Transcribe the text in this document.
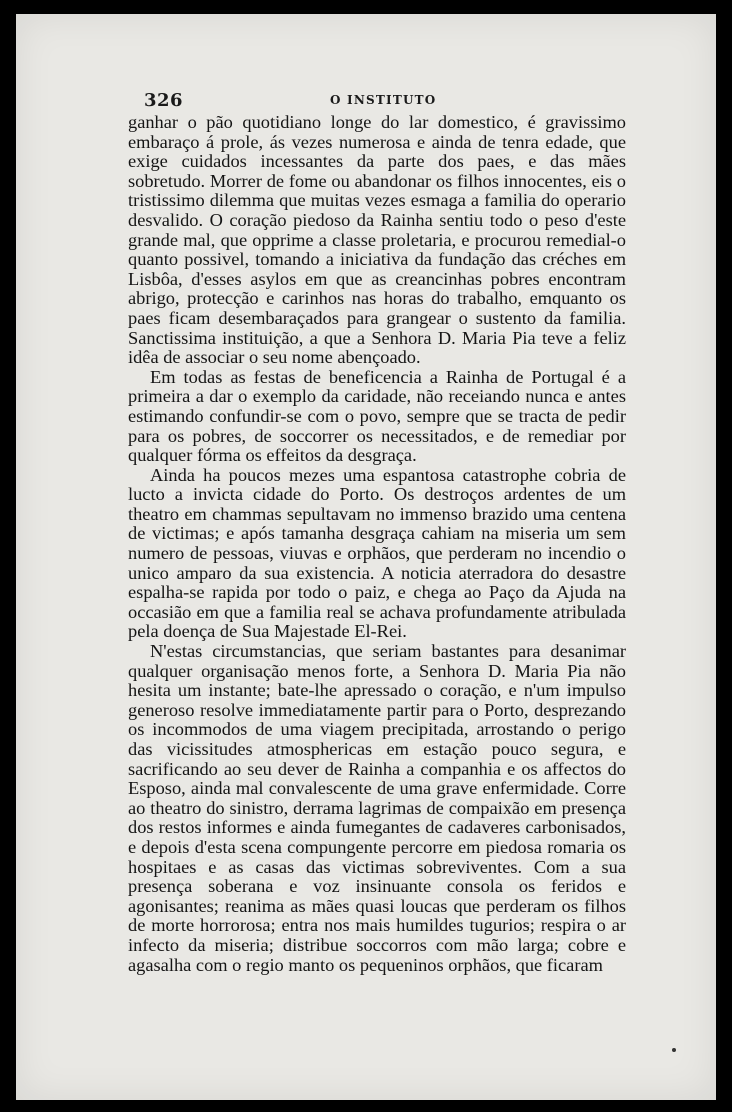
326	O INSTITUTO

ganhar o pão quotidiano longe do lar domestico, é gravissimo embaraço á prole, ás vezes numerosa e ainda de tenra edade, que exige cuidados incessantes da parte dos paes, e das mães sobretudo. Morrer de fome ou abandonar os filhos innocentes, eis o tristissimo dilemma que muitas vezes esmaga a familia do operario desvalido. O coração piedoso da Rainha sentiu todo o peso d'este grande mal, que opprime a classe proletaria, e procurou remedial-o quanto possivel, tomando a iniciativa da fundação das créches em Lisbôa, d'esses asylos em que as creancinhas pobres encontram abrigo, protecção e carinhos nas horas do trabalho, emquanto os paes ficam desembaraçados para grangear o sustento da familia. Sanctissima instituição, a que a Senhora D. Maria Pia teve a feliz idêa de associar o seu nome abençoado.

Em todas as festas de beneficencia a Rainha de Portugal é a primeira a dar o exemplo da caridade, não receiando nunca e antes estimando confundir-se com o povo, sempre que se tracta de pedir para os pobres, de soccorrer os necessitados, e de remediar por qualquer fórma os effeitos da desgraça.

Ainda ha poucos mezes uma espantosa catastrophe cobria de lucto a invicta cidade do Porto. Os destroços ardentes de um theatro em chammas sepultavam no immenso brazido uma centena de victimas; e após tamanha desgraça cahiam na miseria um sem numero de pessoas, viuvas e orphãos, que perderam no incendio o unico amparo da sua existencia. A noticia aterradora do desastre espalha-se rapida por todo o paiz, e chega ao Paço da Ajuda na occasião em que a familia real se achava profundamente atribulada pela doença de Sua Majestade El-Rei.

N'estas circumstancias, que seriam bastantes para desanimar qualquer organisação menos forte, a Senhora D. Maria Pia não hesita um instante; bate-lhe apressado o coração, e n'um impulso generoso resolve immediatamente partir para o Porto, desprezando os incommodos de uma viagem precipitada, arrostando o perigo das vicissitudes atmosphericas em estação pouco segura, e sacrificando ao seu dever de Rainha a companhia e os affectos do Esposo, ainda mal convalescente de uma grave enfermidade. Corre ao theatro do sinistro, derrama lagrimas de compaixão em presença dos restos informes e ainda fumegantes de cadaveres carbonisados, e depois d'esta scena compungente percorre em piedosa romaria os hospitaes e as casas das victimas sobreviventes. Com a sua presença soberana e voz insinuante consola os feridos e agonisantes; reanima as mães quasi loucas que perderam os filhos de morte horrorosa; entra nos mais humildes tugurios; respira o ar infecto da miseria; distribue soccorros com mão larga; cobre e agasalha com o regio manto os pequeninos orphãos, que ficaram
